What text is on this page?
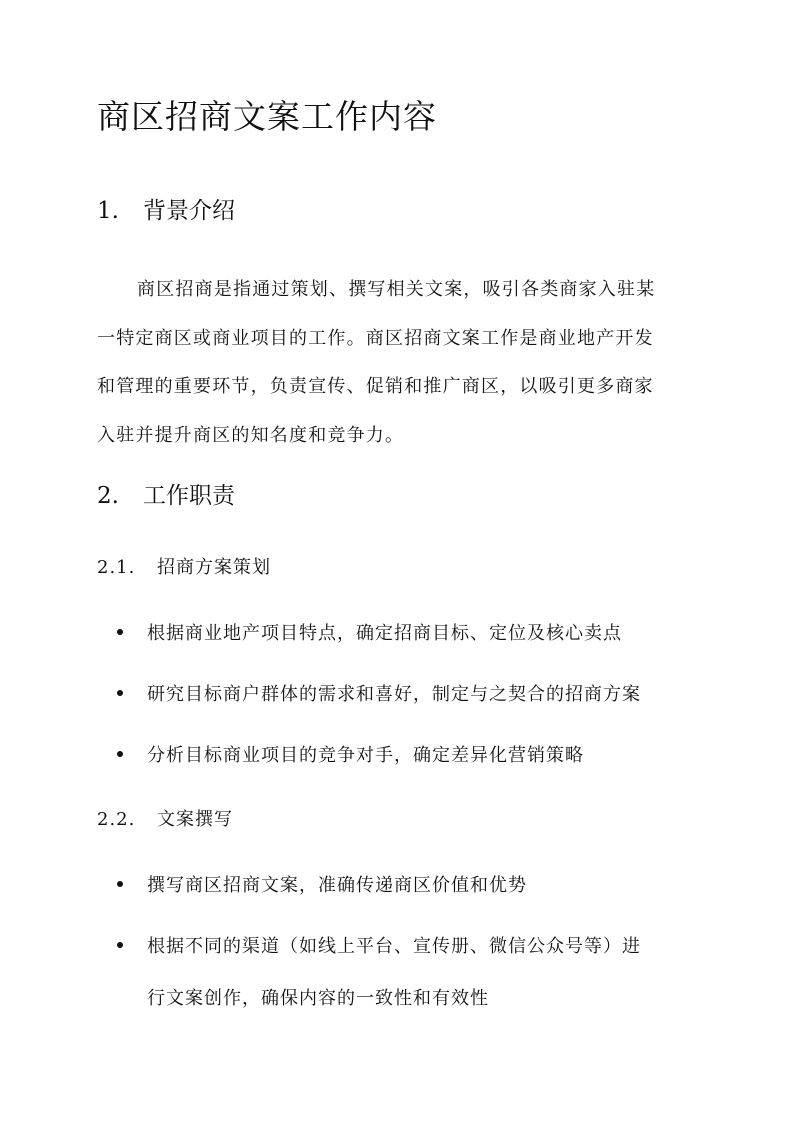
商区招商文案工作内容
1. 背景介绍
商区招商是指通过策划、撰写相关文案，吸引各类商家入驻某
一特定商区或商业项目的工作。商区招商文案工作是商业地产开发
和管理的重要环节，负责宣传、促销和推广商区，以吸引更多商家
入驻并提升商区的知名度和竞争力。
2. 工作职责
2.1. 招商方案策划
根据商业地产项目特点，确定招商目标、定位及核心卖点
研究目标商户群体的需求和喜好，制定与之契合的招商方案
分析目标商业项目的竞争对手，确定差异化营销策略
2.2. 文案撰写
撰写商区招商文案，准确传递商区价值和优势
根据不同的渠道（如线上平台、宣传册、微信公众号等）进
行文案创作，确保内容的一致性和有效性
